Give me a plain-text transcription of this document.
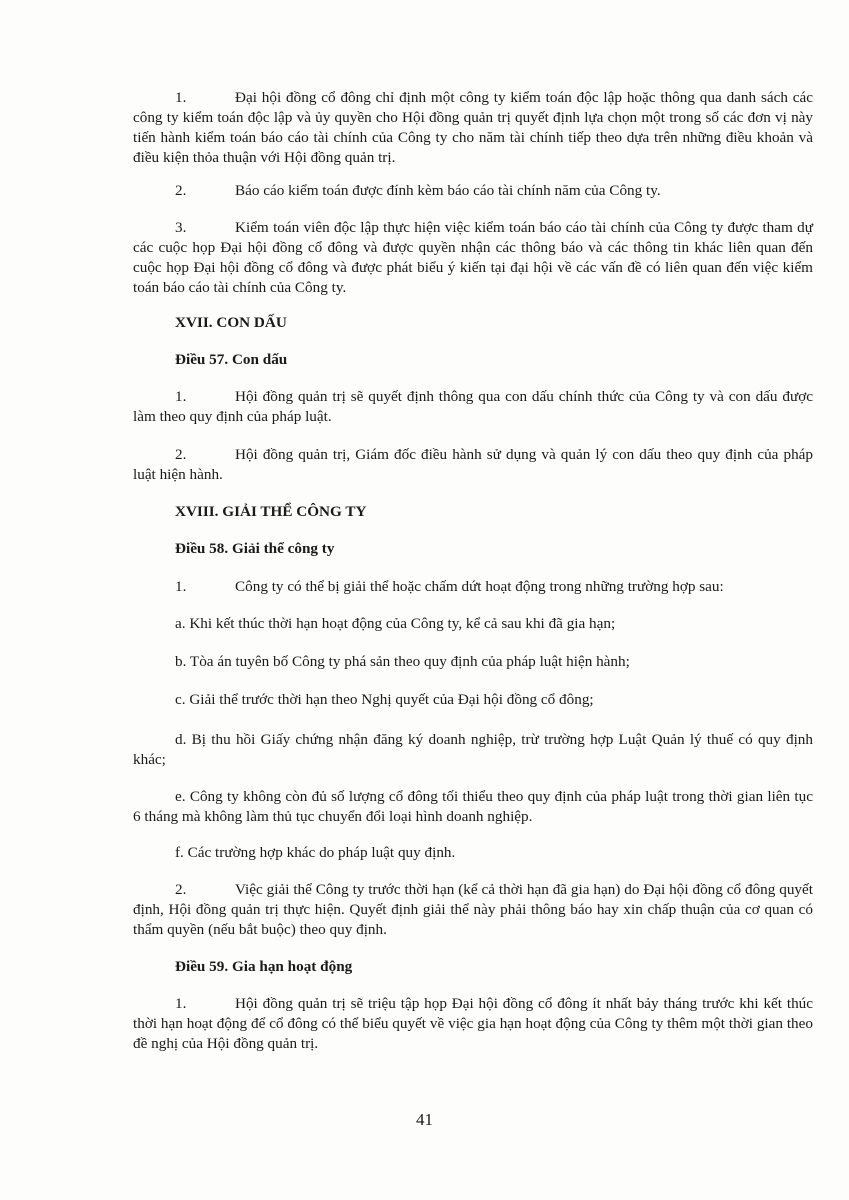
1.	Đại hội đồng cổ đông chỉ định một công ty kiểm toán độc lập hoặc thông qua danh sách các công ty kiểm toán độc lập và ủy quyền cho Hội đồng quản trị quyết định lựa chọn một trong số các đơn vị này tiến hành kiểm toán báo cáo tài chính của Công ty cho năm tài chính tiếp theo dựa trên những điều khoản và điều kiện thỏa thuận với Hội đồng quản trị.

2.	Báo cáo kiểm toán được đính kèm báo cáo tài chính năm của Công ty.

3.	Kiểm toán viên độc lập thực hiện việc kiểm toán báo cáo tài chính của Công ty được tham dự các cuộc họp Đại hội đồng cổ đông và được quyền nhận các thông báo và các thông tin khác liên quan đến cuộc họp Đại hội đồng cổ đông và được phát biểu ý kiến tại đại hội về các vấn đề có liên quan đến việc kiểm toán báo cáo tài chính của Công ty.

XVII. CON DẤU

Điều 57. Con dấu

1.	Hội đồng quản trị sẽ quyết định thông qua con dấu chính thức của Công ty và con dấu được làm theo quy định của pháp luật.

2.	Hội đồng quản trị, Giám đốc điều hành sử dụng và quản lý con dấu theo quy định của pháp luật hiện hành.

XVIII. GIẢI THỂ CÔNG TY

Điều 58. Giải thể công ty

1.	Công ty có thể bị giải thể hoặc chấm dứt hoạt động trong những trường hợp sau:

a. Khi kết thúc thời hạn hoạt động của Công ty, kể cả sau khi đã gia hạn;

b. Tòa án tuyên bố Công ty phá sản theo quy định của pháp luật hiện hành;

c. Giải thể trước thời hạn theo Nghị quyết của Đại hội đồng cổ đông;

d. Bị thu hồi Giấy chứng nhận đăng ký doanh nghiệp, trừ trường hợp Luật Quản lý thuế có quy định khác;

e. Công ty không còn đủ số lượng cổ đông tối thiểu theo quy định của pháp luật trong thời gian liên tục 6 tháng mà không làm thủ tục chuyển đổi loại hình doanh nghiệp.

f. Các trường hợp khác do pháp luật quy định.

2.	Việc giải thể Công ty trước thời hạn (kể cả thời hạn đã gia hạn) do Đại hội đồng cổ đông quyết định, Hội đồng quản trị thực hiện. Quyết định giải thể này phải thông báo hay xin chấp thuận của cơ quan có thẩm quyền (nếu bắt buộc) theo quy định.

Điều 59. Gia hạn hoạt động

1.	Hội đồng quản trị sẽ triệu tập họp Đại hội đồng cổ đông ít nhất bảy tháng trước khi kết thúc thời hạn hoạt động để cổ đông có thể biểu quyết về việc gia hạn hoạt động của Công ty thêm một thời gian theo đề nghị của Hội đồng quản trị.

41
